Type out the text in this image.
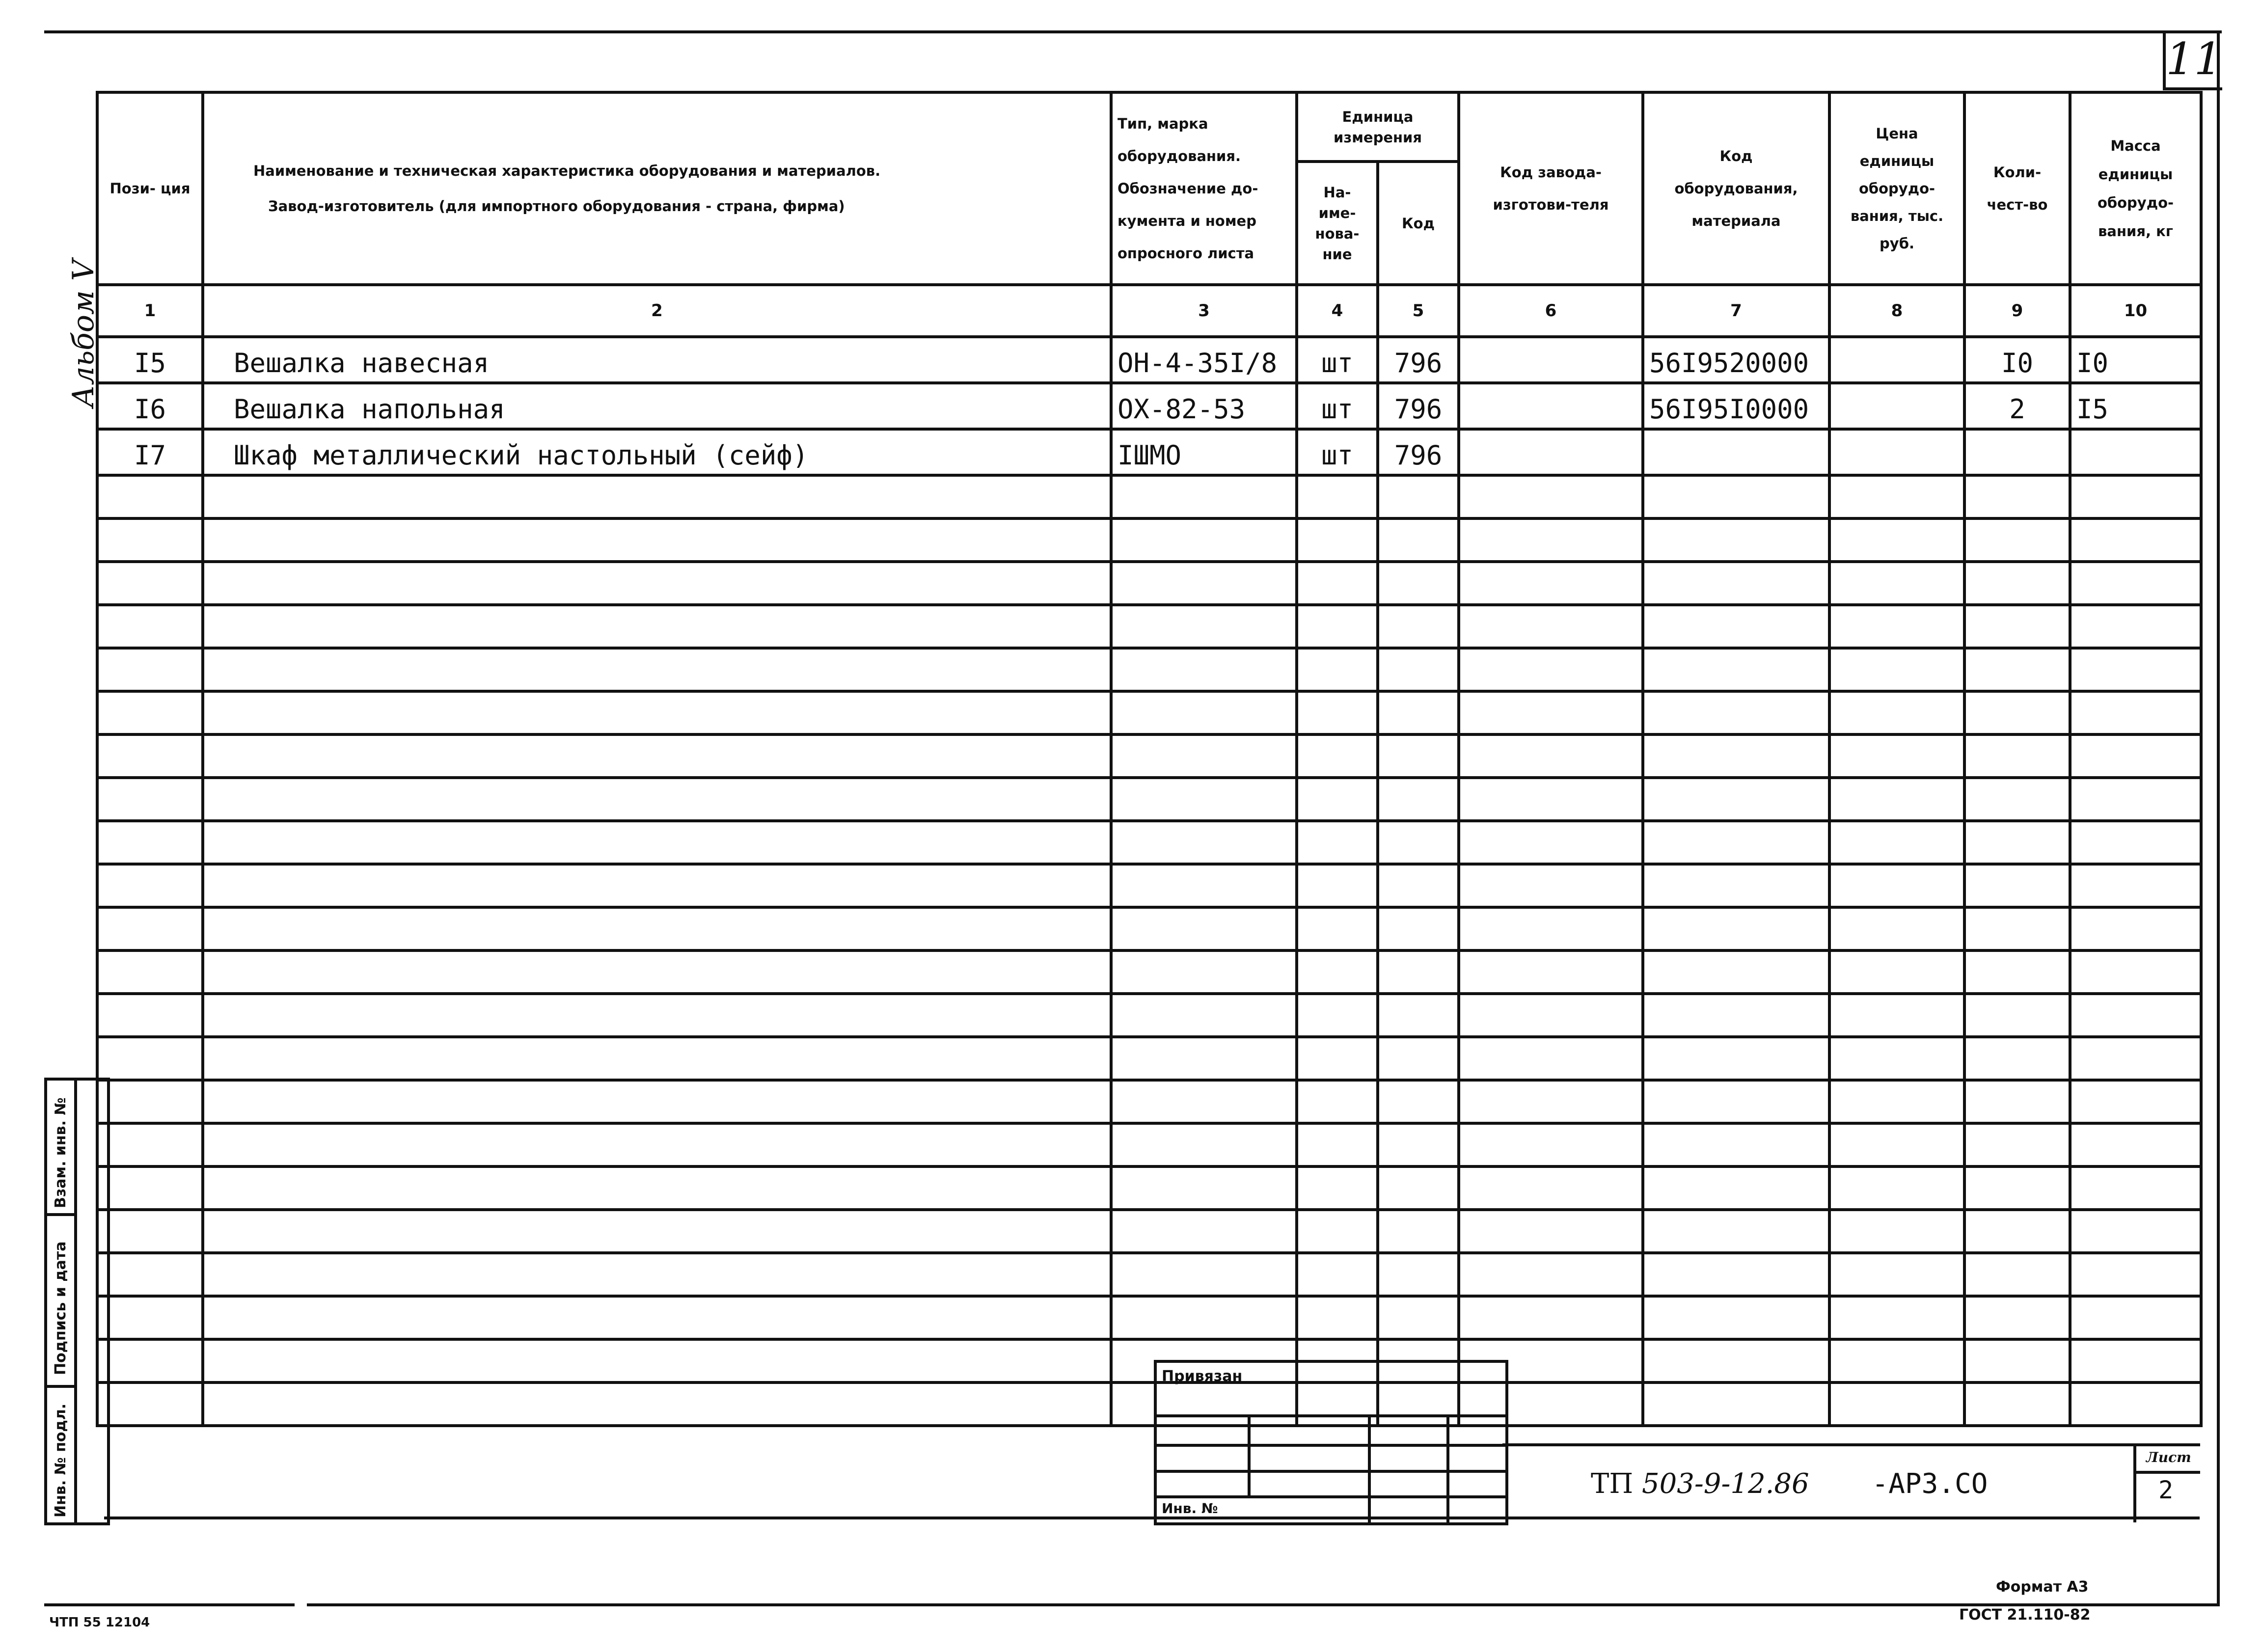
11
Альбом V
Пози- ция	Наименование и техническая характеристика оборудования и материалов.
Завод-изготовитель (для импортного оборудования - страна, фирма)	Тип, марка оборудования. Обозначение до-кумента и номер опросного листа	Единица измерения		Код завода-изготови-теля	Код оборудования, материала	Цена единицы оборудо-вания, тыс. руб.	Коли-чест-во	Масса единицы оборудо-вания, кг
			На-име-нова-ние	Код					
1	2	3	4	5	6	7	8	9	10
I5	Вешалка навесная	ОН-4-35I/8	шт	796		56I9520000		I0	I0
I6	Вешалка напольная	ОХ-82-53	шт	796		56I95I0000		2	I5
I7	Шкаф металлический настольный (сейф)	IШМО	шт	796					

Привязан
Инв. №
ТП 503-9-12.86 -АР3.СО
Лист
2
Взам. инв. №
Подпись и дата
Инв. № подл.
ЧТП 55 12104
Формат А3
ГОСТ 21.110-82
